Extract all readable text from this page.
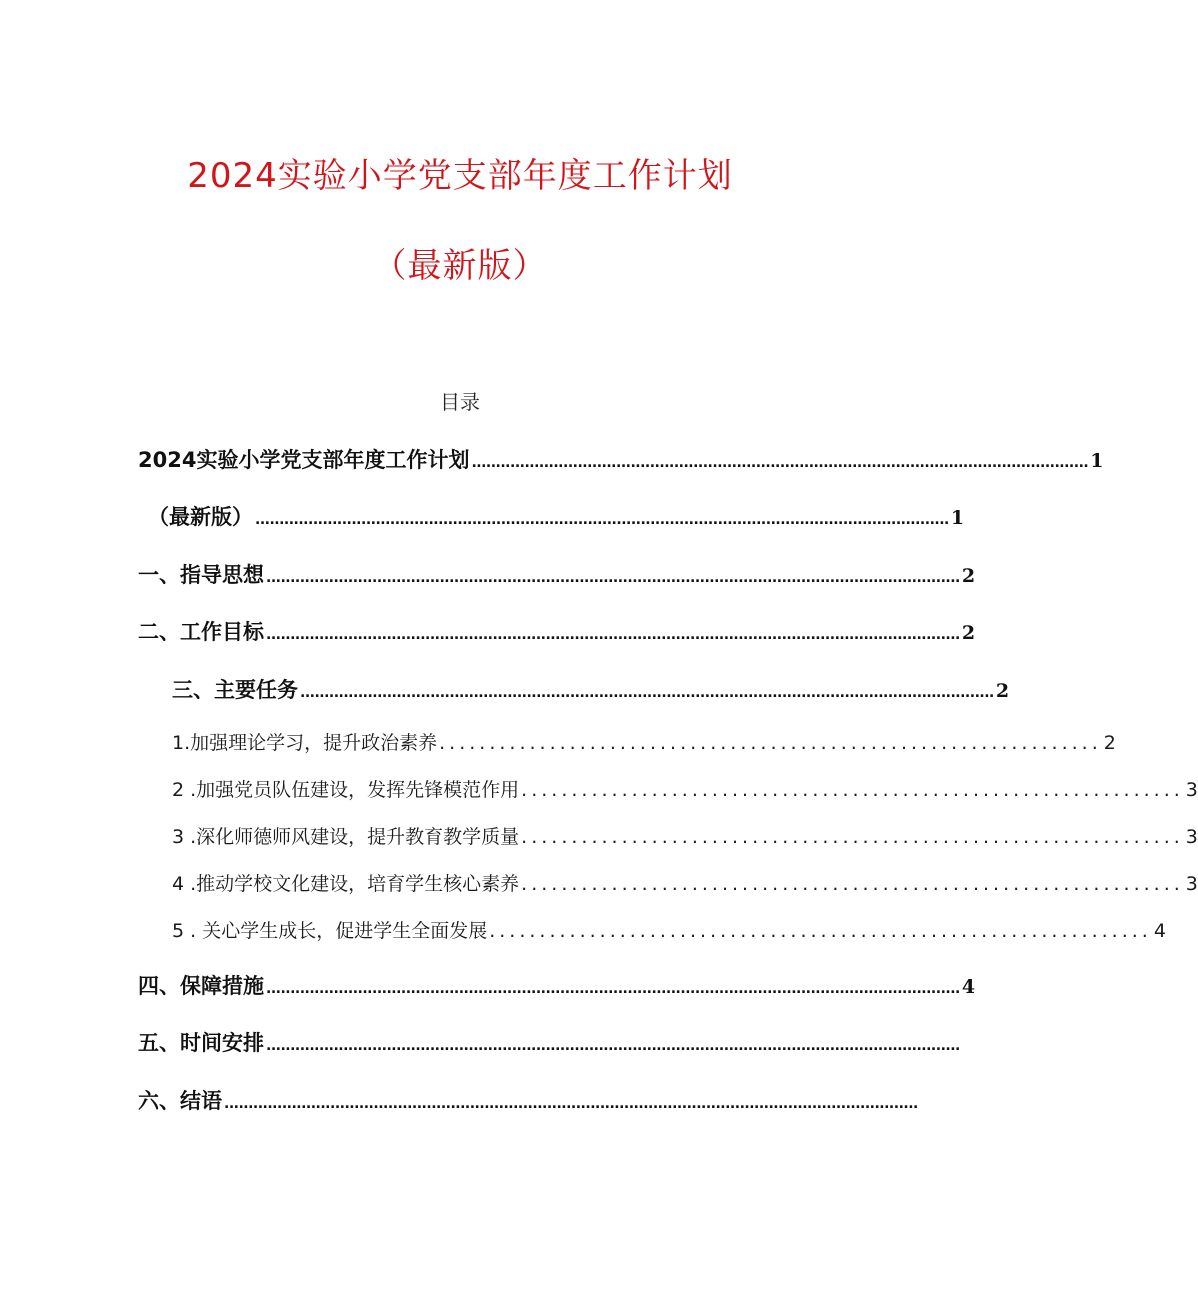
2024实验小学党支部年度工作计划
（最新版）
目录
2024实验小学党支部年度工作计划 ................................................................................................................................ 1
（最新版） ................................................................................................................................................ 1
一、指导思想 ................................................................................................................................................ 2
二、工作目标 ................................................................................................................................................ 2
三、主要任务 ................................................................................................................................................ 2
1.加强理论学习，提升政治素养 .................................................................. 2
2 .加强党员队伍建设，发挥先锋模范作用 .................................................................. 3
3 .深化师德师风建设，提升教育教学质量 .................................................................. 3
4 .推动学校文化建设，培育学生核心素养 .................................................................. 3
5 . 关心学生成长，促进学生全面发展 .................................................................. 4
四、保障措施 ................................................................................................................................................ 4
五、时间安排 ................................................................................................................................................
六、结语 ................................................................................................................................................
